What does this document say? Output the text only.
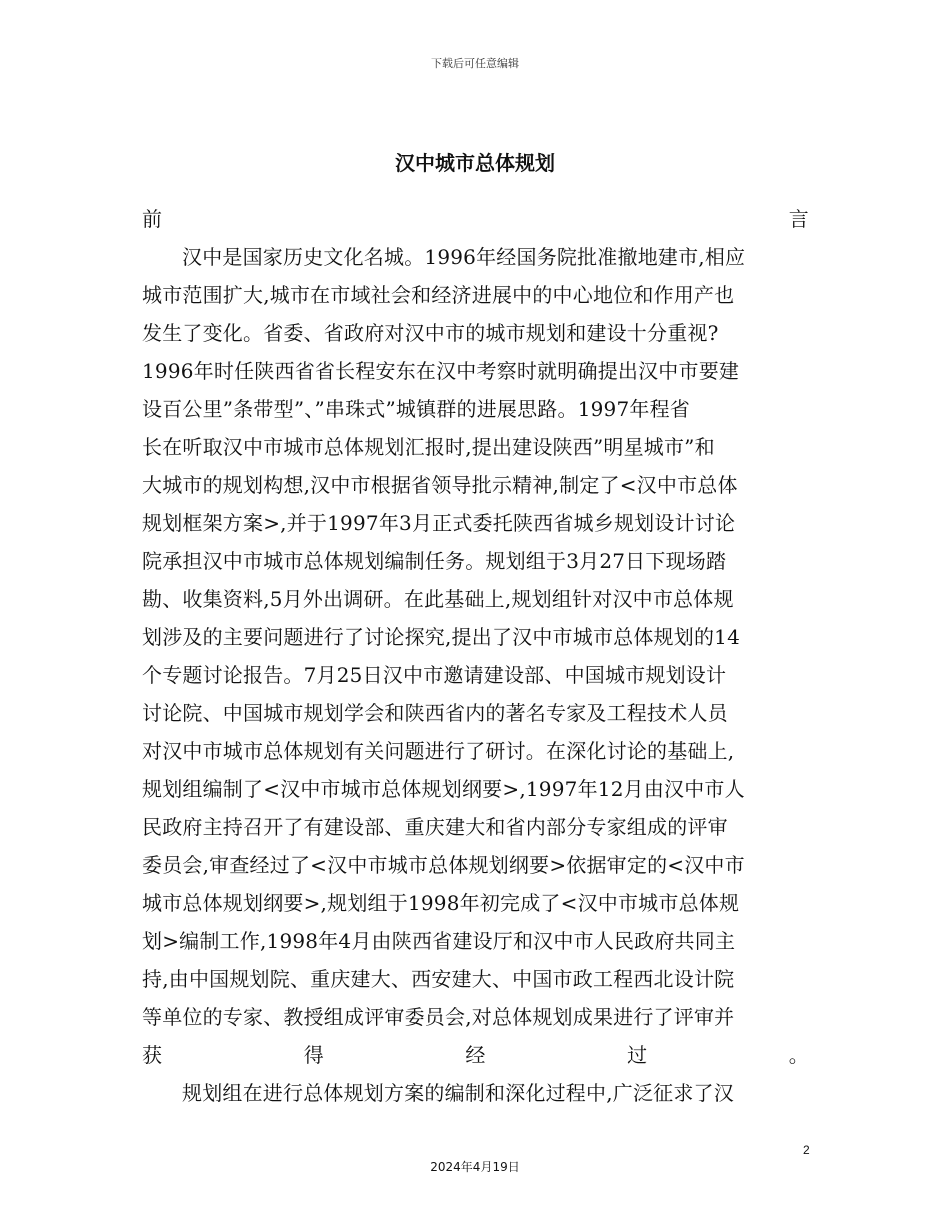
下载后可任意编辑
汉中城市总体规划
前	言
汉中是国家历史文化名城。1996年经国务院批准撤地建市,相应
城市范围扩大,城市在市域社会和经济进展中的中心地位和作用产也
发生了变化。省委、省政府对汉中市的城市规划和建设十分重视?
1996年时任陕西省省长程安东在汉中考察时就明确提出汉中市要建
设百公里”条带型”、”串珠式”城镇群的进展思路。1997年程省
长在听取汉中市城市总体规划汇报时,提出建设陕西”明星城市”和
大城市的规划构想,汉中市根据省领导批示精神,制定了<汉中市总体
规划框架方案>,并于1997年3月正式委托陕西省城乡规划设计讨论
院承担汉中市城市总体规划编制任务。规划组于3月27日下现场踏
勘、收集资料,5月外出调研。在此基础上,规划组针对汉中市总体规
划涉及的主要问题进行了讨论探究,提出了汉中市城市总体规划的14
个专题讨论报告。7月25日汉中市邀请建设部、中国城市规划设计
讨论院、中国城市规划学会和陕西省内的著名专家及工程技术人员
对汉中市城市总体规划有关问题进行了研讨。在深化讨论的基础上,
规划组编制了<汉中市城市总体规划纲要>,1997年12月由汉中市人
民政府主持召开了有建设部、重庆建大和省内部分专家组成的评审
委员会,审查经过了<汉中市城市总体规划纲要>依据审定的<汉中市
城市总体规划纲要>,规划组于1998年初完成了<汉中市城市总体规
划>编制工作,1998年4月由陕西省建设厅和汉中市人民政府共同主
持,由中国规划院、重庆建大、西安建大、中国市政工程西北设计院
等单位的专家、教授组成评审委员会,对总体规划成果进行了评审并
获	得	经	过	。
规划组在进行总体规划方案的编制和深化过程中,广泛征求了汉
2
2024年4月19日
